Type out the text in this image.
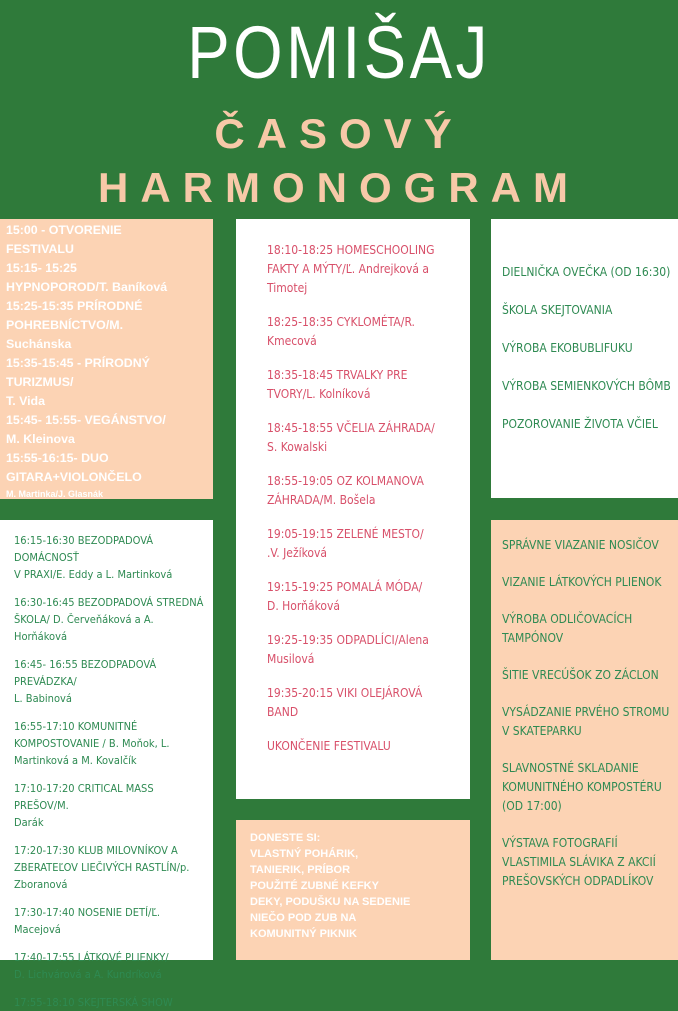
POMIŠAJ
ČASOVÝ
HARMONOGRAM
15:00 - OTVORENIE
FESTIVALU
15:15- 15:25
HYPNOPOROD/T. Baníková
15:25-15:35 PRÍRODNÉ
POHREBNÍCTVO/M.
Suchánska
15:35-15:45 - PRÍRODNÝ
TURIZMUS/
T. Vida
15:45- 15:55- VEGÁNSTVO/
M. Kleinova
15:55-16:15- DUO
GITARA+VIOLONČELO
M. Martinka/J. Glasnák
16:15-16:30 BEZODPADOVÁ DOMÁCNOSŤ
V PRAXI/E. Eddy a L. Martinková
16:30-16:45 BEZODPADOVÁ STREDNÁ
ŠKOLA/ D. Červeňáková a A. Horňáková
16:45- 16:55 BEZODPADOVÁ PREVÁDZKA/
L. Babinová
16:55-17:10 KOMUNITNÉ
KOMPOSTOVANIE / B. Moňok, L.
Martinková a M. Kovalčík
17:10-17:20 CRITICAL MASS PREŠOV/M.
Darák
17:20-17:30 KLUB MILOVNÍKOV A
ZBERATEĽOV LIEČIVÝCH RASTLÍN/p.
Zboranová
17:30-17:40 NOSENIE DETÍ/Ľ. Macejová
17:40-17:55 LÁTKOVÉ PLIENKY/
D. Lichvárová a A. Kundríková
17:55-18:10 SKEJTERSKÁ SHOW
18:10-18:25 HOMESCHOOLING
FAKTY A MÝTY/Ľ. Andrejková a
Timotej
18:25-18:35 CYKLOMÉTA/R.
Kmecová
18:35-18:45 TRVALKY PRE
TVORY/L. Kolníková
18:45-18:55 VČELIA ZÁHRADA/
S. Kowalski
18:55-19:05 OZ KOLMANOVA
ZÁHRADA/M. Bošela
19:05-19:15 ZELENÉ MESTO/
.V. Ježíková
19:15-19:25 POMALÁ MÓDA/
D. Horňáková
19:25-19:35 ODPADLÍCI/Alena
Musilová
19:35-20:15 VIKI OLEJÁROVÁ
BAND
UKONČENIE FESTIVALU
DONESTE SI:
VLASTNÝ POHÁRIK,
TANIERIK, PRÍBOR
POUŽITÉ ZUBNÉ KEFKY
DEKY, PODUŠKU NA SEDENIE
NIEČO POD ZUB NA
KOMUNITNÝ PIKNIK
DIELNIČKA OVEČKA (OD 16:30)
ŠKOLA SKEJTOVANIA
VÝROBA EKOBUBLIFUKU
VÝROBA SEMIENKOVÝCH BÔMB
POZOROVANIE ŽIVOTA VČIEL
SPRÁVNE VIAZANIE NOSIČOV
VIZANIE LÁTKOVÝCH PLIENOK
VÝROBA ODLIČOVACÍCH
TAMPÓNOV
ŠITIE VRECÚŠOK ZO ZÁCLON
VYSÁDZANIE PRVÉHO STROMU
V SKATEPARKU
SLAVNOSTNÉ SKLADANIE
KOMUNITNÉHO KOMPOSTÉRU
(OD 17:00)
VÝSTAVA FOTOGRAFIÍ
VLASTIMILA SLÁVIKA Z AKCIÍ
PREŠOVSKÝCH ODPADLÍKOV
